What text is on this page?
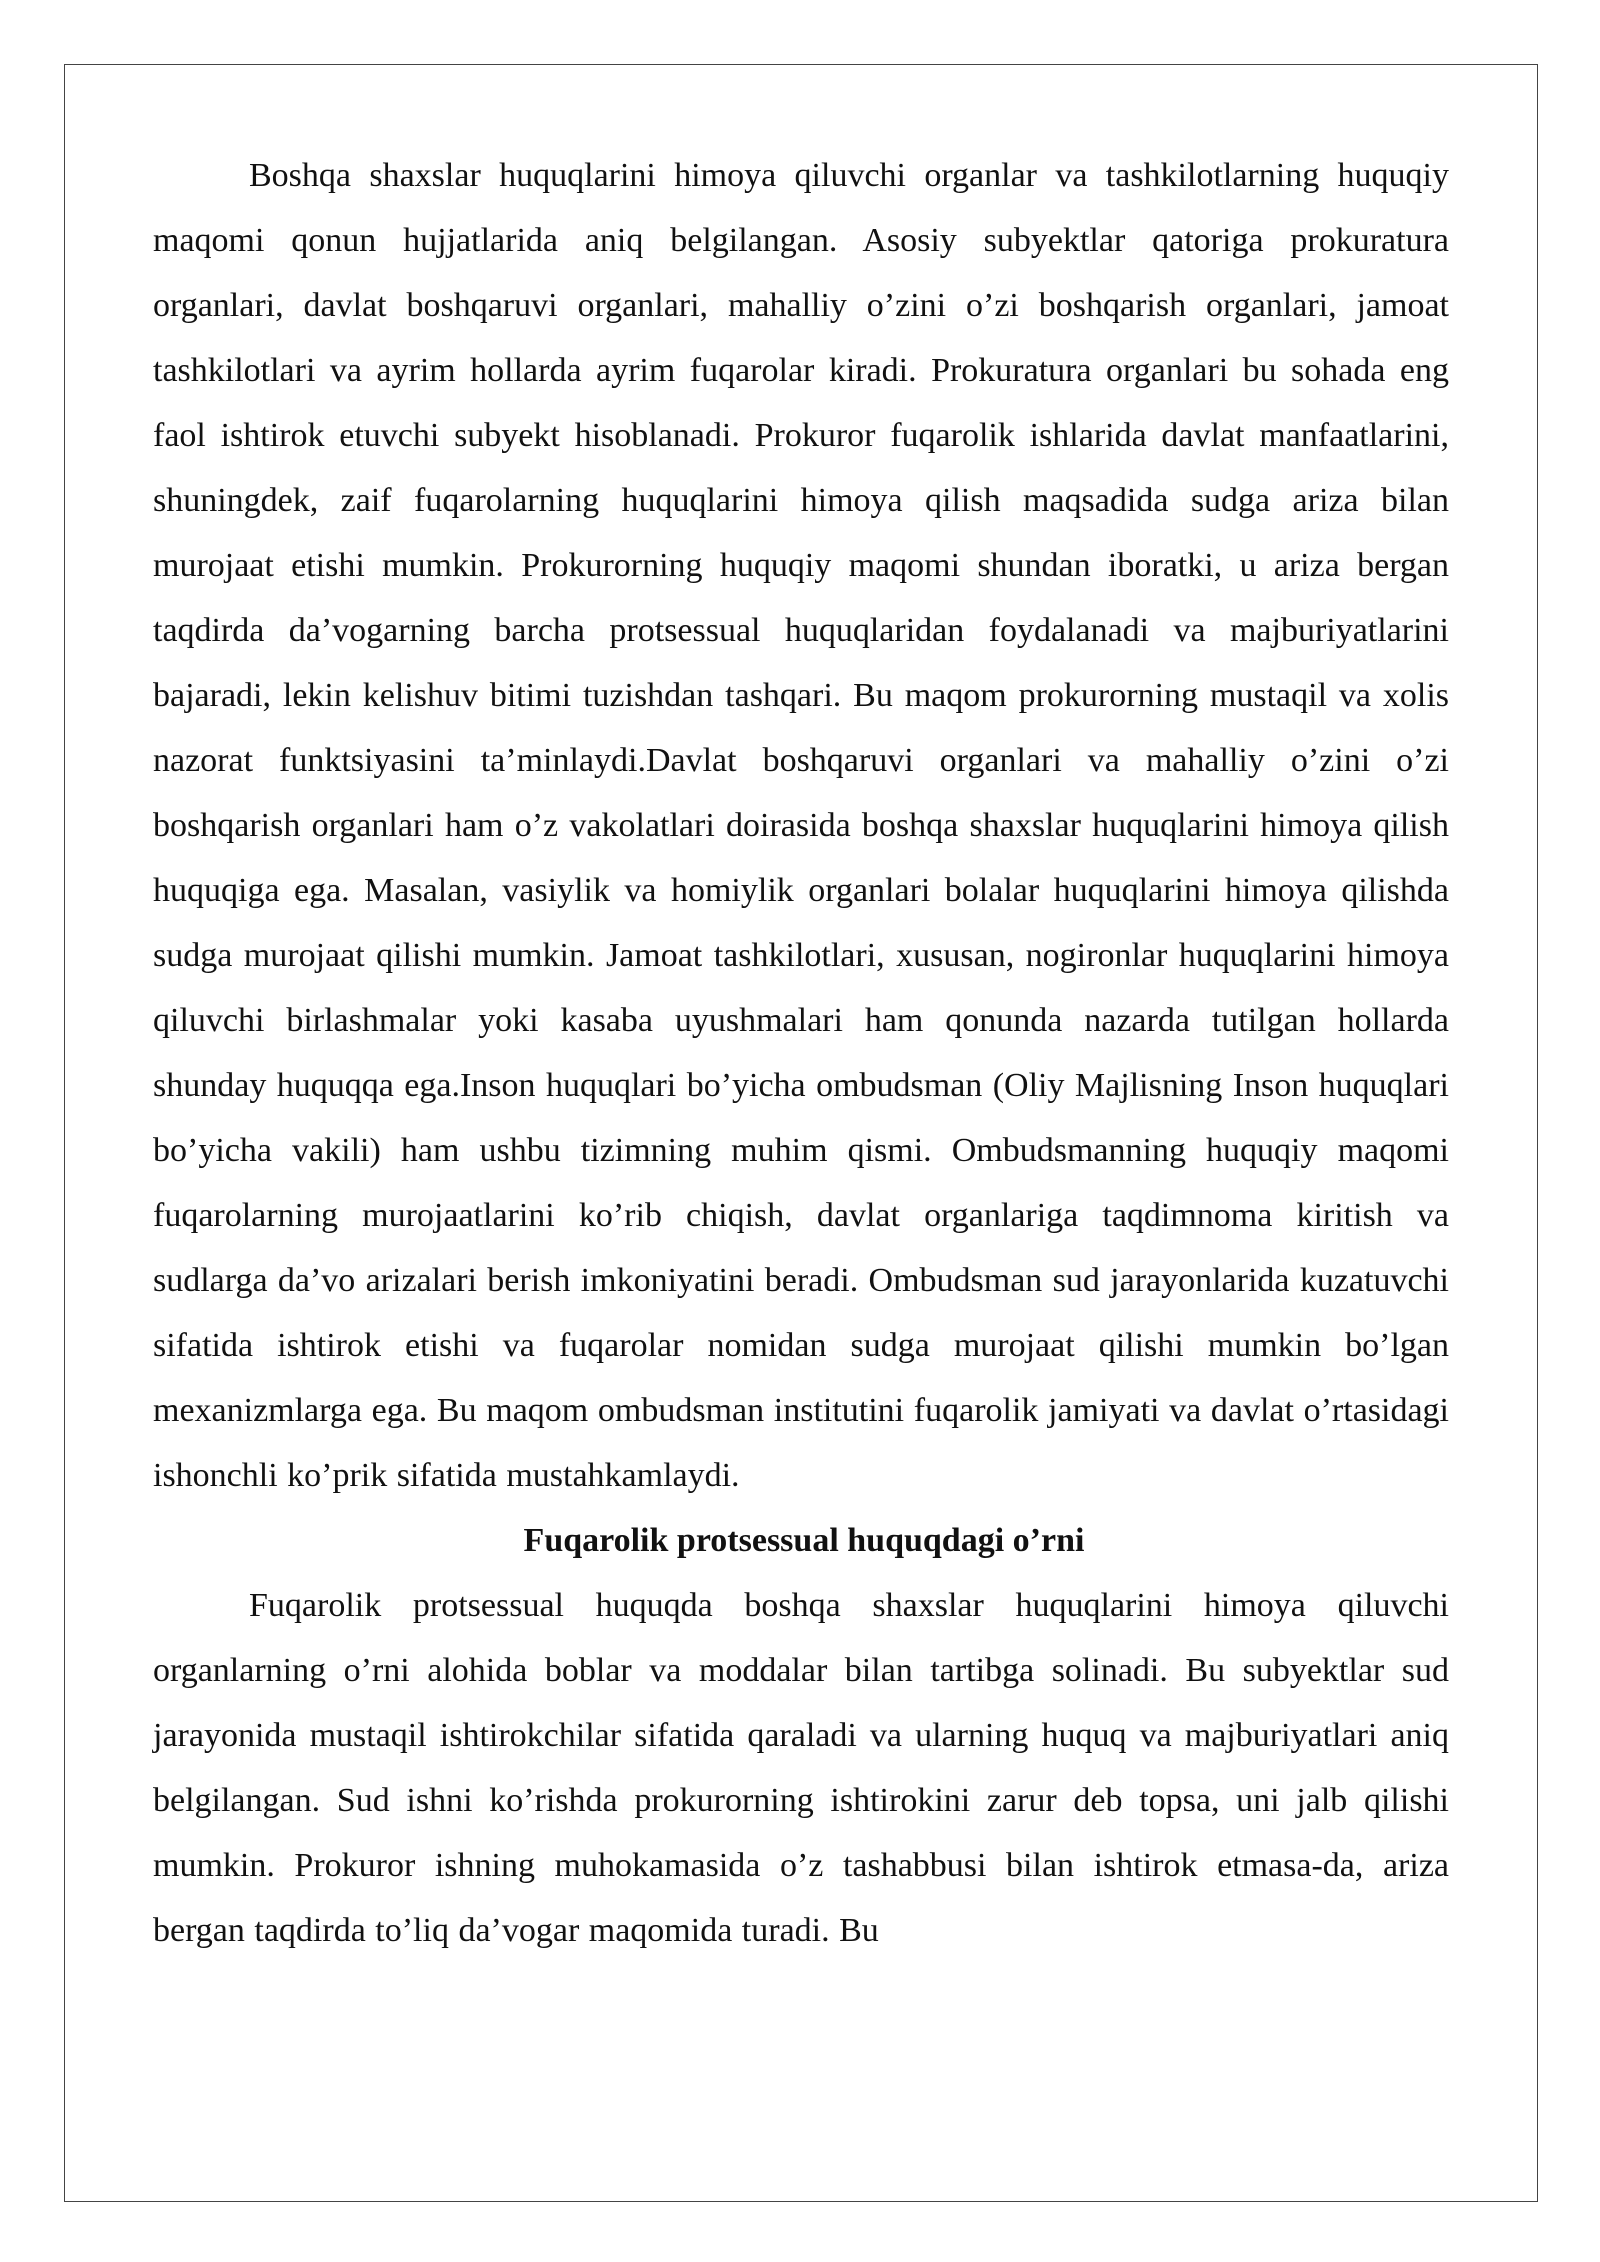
Boshqa shaxslar huquqlarini himoya qiluvchi organlar va tashkilotlarning huquqiy maqomi qonun hujjatlarida aniq belgilangan. Asosiy subyektlar qatoriga prokuratura organlari, davlat boshqaruvi organlari, mahalliy o’zini o’zi boshqarish organlari, jamoat tashkilotlari va ayrim hollarda ayrim fuqarolar kiradi. Prokuratura organlari bu sohada eng faol ishtirok etuvchi subyekt hisoblanadi. Prokuror fuqarolik ishlarida davlat manfaatlarini, shuningdek, zaif fuqarolarning huquqlarini himoya qilish maqsadida sudga ariza bilan murojaat etishi mumkin. Prokurorning huquqiy maqomi shundan iboratki, u ariza bergan taqdirda da’vogarning barcha protsessual huquqlaridan foydalanadi va majburiyatlarini bajaradi, lekin kelishuv bitimi tuzishdan tashqari. Bu maqom prokurorning mustaqil va xolis nazorat funktsiyasini ta’minlaydi.Davlat boshqaruvi organlari va mahalliy o’zini o’zi boshqarish organlari ham o’z vakolatlari doirasida boshqa shaxslar huquqlarini himoya qilish huquqiga ega. Masalan, vasiylik va homiylik organlari bolalar huquqlarini himoya qilishda sudga murojaat qilishi mumkin. Jamoat tashkilotlari, xususan, nogironlar huquqlarini himoya qiluvchi birlashmalar yoki kasaba uyushmalari ham qonunda nazarda tutilgan hollarda shunday huquqqa ega.Inson huquqlari bo’yicha ombudsman (Oliy Majlisning Inson huquqlari bo’yicha vakili) ham ushbu tizimning muhim qismi. Ombudsmanning huquqiy maqomi fuqarolarning murojaatlarini ko’rib chiqish, davlat organlariga taqdimnoma kiritish va sudlarga da’vo arizalari berish imkoniyatini beradi. Ombudsman sud jarayonlarida kuzatuvchi sifatida ishtirok etishi va fuqarolar nomidan sudga murojaat qilishi mumkin bo’lgan mexanizmlarga ega. Bu maqom ombudsman institutini fuqarolik jamiyati va davlat o’rtasidagi ishonchli ko’prik sifatida mustahkamlaydi.

Fuqarolik protsessual huquqdagi o’rni

Fuqarolik protsessual huquqda boshqa shaxslar huquqlarini himoya qiluvchi organlarning o’rni alohida boblar va moddalar bilan tartibga solinadi. Bu subyektlar sud jarayonida mustaqil ishtirokchilar sifatida qaraladi va ularning huquq va majburiyatlari aniq belgilangan. Sud ishni ko’rishda prokurorning ishtirokini zarur deb topsa, uni jalb qilishi mumkin. Prokuror ishning muhokamasida o’z tashabbusi bilan ishtirok etmasa-da, ariza bergan taqdirda to’liq da’vogar maqomida turadi. Bu
